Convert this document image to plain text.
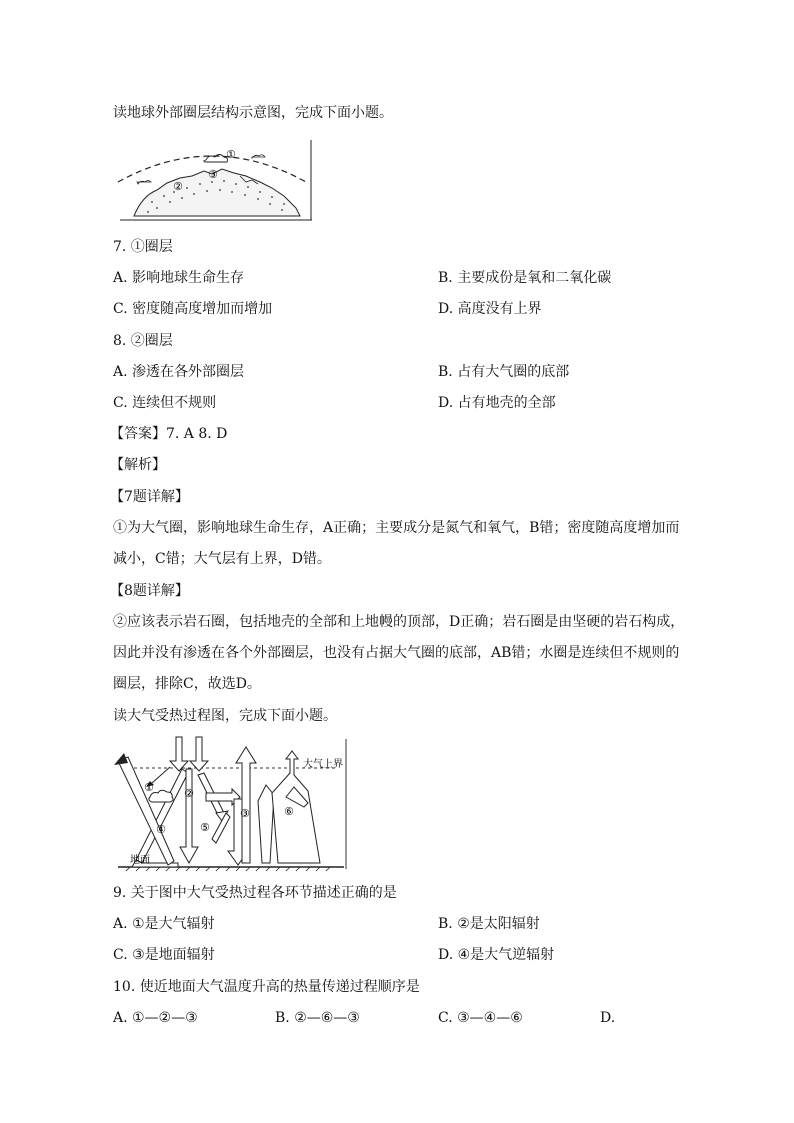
读地球外部圈层结构示意图，完成下面小题。
①
③
②
7. ①圈层
A. 影响地球生命生存	B. 主要成份是氧和二氧化碳
C. 密度随高度增加而增加	D. 高度没有上界
8. ②圈层
A. 渗透在各外部圈层	B. 占有大气圈的底部
C. 连续但不规则	D. 占有地壳的全部
【答案】7. A 8. D
【解析】
【7题详解】
①为大气圈，影响地球生命生存，A正确；主要成分是氮气和氧气，B错；密度随高度增加而
减小，C错；大气层有上界，D错。
【8题详解】
②应该表示岩石圈，包括地壳的全部和上地幔的顶部，D正确；岩石圈是由坚硬的岩石构成，
因此并没有渗透在各个外部圈层，也没有占据大气圈的底部，AB错；水圈是连续但不规则的
圈层，排除C，故选D。
读大气受热过程图，完成下面小题。
大气上界
地面
①	②
③
④	⑤
⑥
9. 关于图中大气受热过程各环节描述正确的是
A. ①是大气辐射	B. ②是太阳辐射
C. ③是地面辐射	D. ④是大气逆辐射
10. 使近地面大气温度升高的热量传递过程顺序是
A. ①—②—③	B. ②—⑥—③	C. ③—④—⑥	D.
